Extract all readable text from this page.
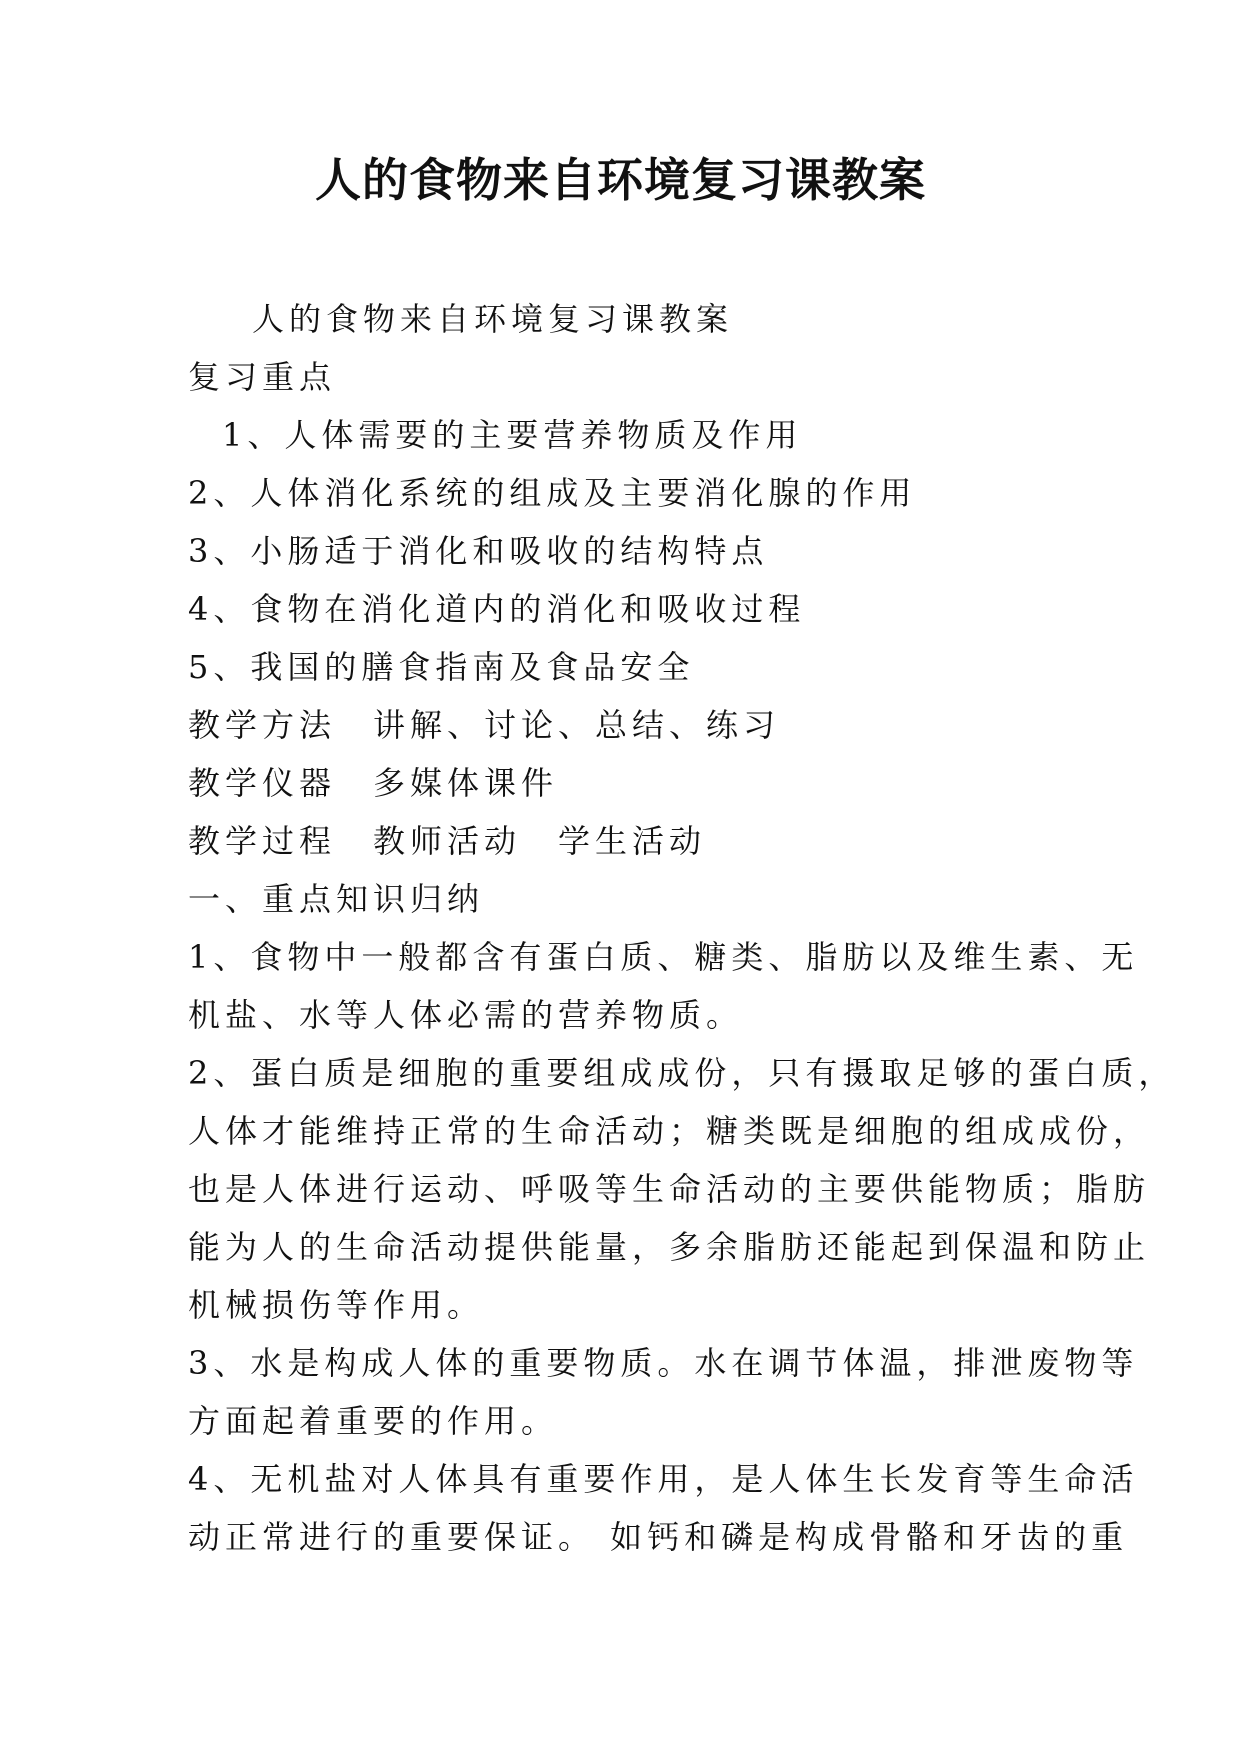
人的食物来自环境复习课教案
人的食物来自环境复习课教案
复习重点
1、人体需要的主要营养物质及作用
2、人体消化系统的组成及主要消化腺的作用
3、小肠适于消化和吸收的结构特点
4、食物在消化道内的消化和吸收过程
5、我国的膳食指南及食品安全
教学方法　讲解、讨论、总结、练习
教学仪器　多媒体课件
教学过程　教师活动　学生活动
一、重点知识归纳
1、食物中一般都含有蛋白质、糖类、脂肪以及维生素、无
机盐、水等人体必需的营养物质。
2、蛋白质是细胞的重要组成成份，只有摄取足够的蛋白质，
人体才能维持正常的生命活动；糖类既是细胞的组成成份，
也是人体进行运动、呼吸等生命活动的主要供能物质；脂肪
能为人的生命活动提供能量，多余脂肪还能起到保温和防止
机械损伤等作用。
3、水是构成人体的重要物质。水在调节体温，排泄废物等
方面起着重要的作用。
4、无机盐对人体具有重要作用，是人体生长发育等生命活
动正常进行的重要保证。 如钙和磷是构成骨骼和牙齿的重
